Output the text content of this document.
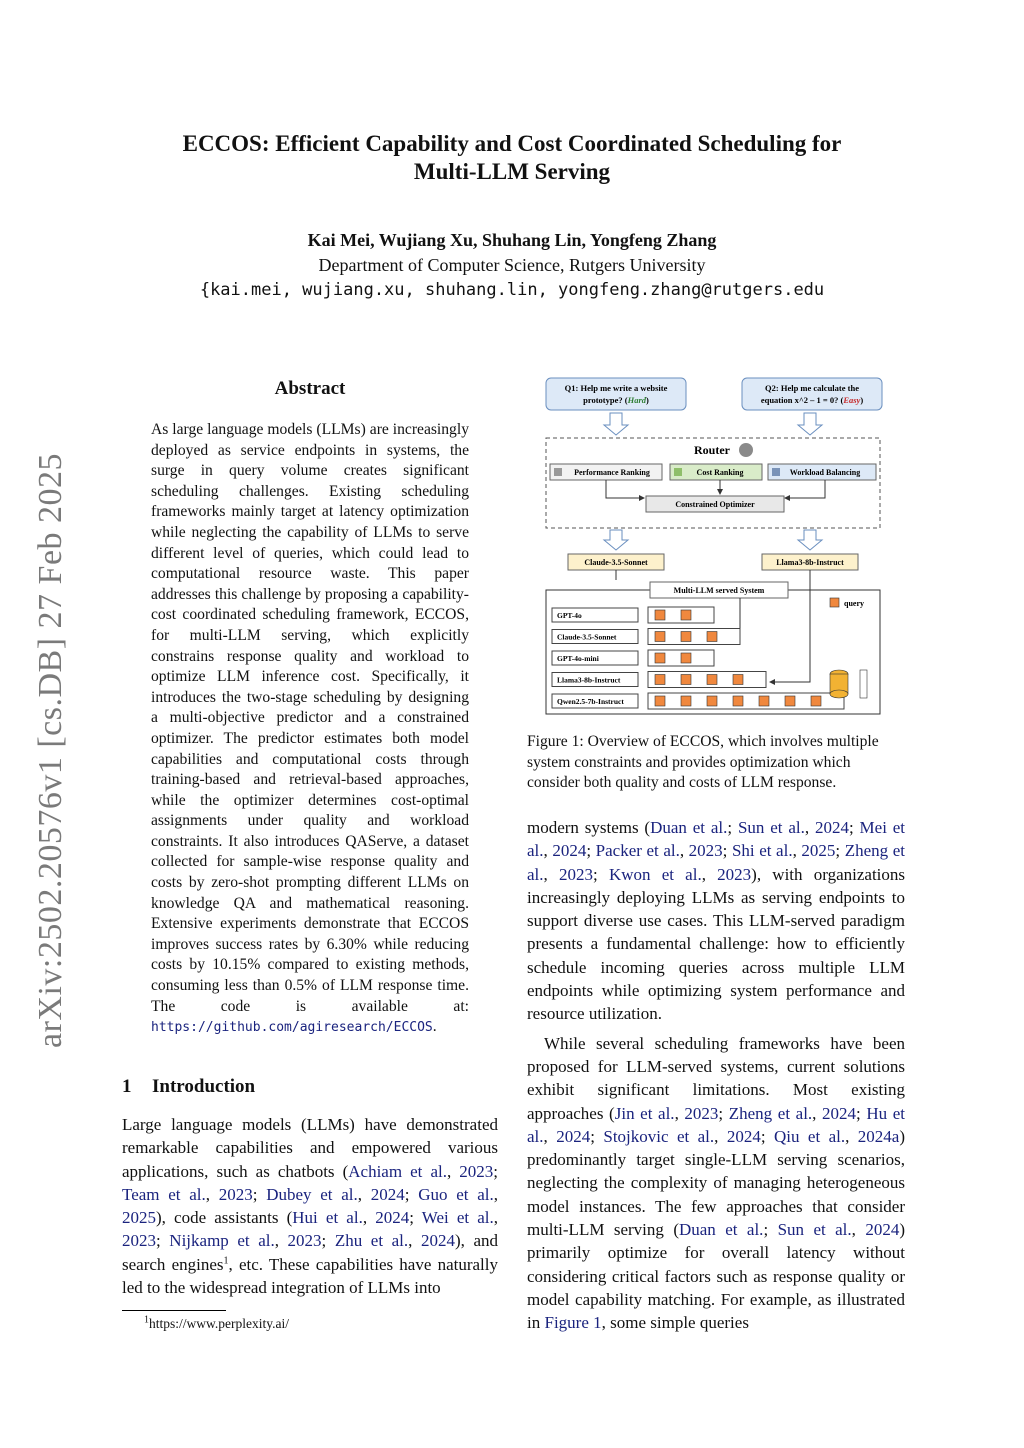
ECCOS: Efficient Capability and Cost Coordinated Scheduling for
Multi-LLM Serving
Kai Mei, Wujiang Xu, Shuhang Lin, Yongfeng Zhang
Department of Computer Science, Rutgers University
{kai.mei, wujiang.xu, shuhang.lin, yongfeng.zhang@rutgers.edu
arXiv:2502.20576v1 [cs.DB] 27 Feb 2025
Abstract
As large language models (LLMs) are increasingly deployed as service endpoints in systems, the surge in query volume creates significant scheduling challenges. Existing scheduling frameworks mainly target at latency optimization while neglecting the capability of LLMs to serve different level of queries, which could lead to computational resource waste. This paper addresses this challenge by proposing a capability-cost coordinated scheduling framework, ECCOS, for multi-LLM serving, which explicitly constrains response quality and workload to optimize LLM inference cost. Specifically, it introduces the two-stage scheduling by designing a multi-objective predictor and a constrained optimizer. The predictor estimates both model capabilities and computational costs through training-based and retrieval-based approaches, while the optimizer determines cost-optimal assignments under quality and workload constraints. It also introduces QAServe, a dataset collected for sample-wise response quality and costs by zero-shot prompting different LLMs on knowledge QA and mathematical reasoning. Extensive experiments demonstrate that ECCOS improves success rates by 6.30% while reducing costs by 10.15% compared to existing methods, consuming less than 0.5% of LLM response time. The code is available at: https://github.com/agiresearch/ECCOS.
Q1: Help me write a website
prototype? (Hard)
Q2: Help me calculate the
equation x^2 – 1 = 0? (Easy)
Router
Performance Ranking	Cost Ranking	Workload Balancing
Constrained Optimizer
Claude-3.5-Sonnet	Llama3-8b-Instruct
Multi-LLM served System
query
GPT-4o
Claude-3.5-Sonnet
GPT-4o-mini
Llama3-8b-Instruct
Qwen2.5-7b-Instruct
Figure 1: Overview of ECCOS, which involves multiple system constraints and provides optimization which consider both quality and costs of LLM response.
1 Introduction
Large language models (LLMs) have demonstrated remarkable capabilities and empowered various applications, such as chatbots (Achiam et al., 2023; Team et al., 2023; Dubey et al., 2024; Guo et al., 2025), code assistants (Hui et al., 2024; Wei et al., 2023; Nijkamp et al., 2023; Zhu et al., 2024), and search engines$^1$, etc. These capabilities have naturally led to the widespread integration of LLMs into
$^1$https://www.perplexity.ai/

modern systems (Duan et al.; Sun et al., 2024; Mei et al., 2024; Packer et al., 2023; Shi et al., 2025; Zheng et al., 2023; Kwon et al., 2023), with organizations increasingly deploying LLMs as serving endpoints to support diverse use cases. This LLM-served paradigm presents a fundamental challenge: how to efficiently schedule incoming queries across multiple LLM endpoints while optimizing system performance and resource utilization.

While several scheduling frameworks have been proposed for LLM-served systems, current solutions exhibit significant limitations. Most existing approaches (Jin et al., 2023; Zheng et al., 2024; Hu et al., 2024; Stojkovic et al., 2024; Qiu et al., 2024a) predominantly target single-LLM serving scenarios, neglecting the complexity of managing heterogeneous model instances. The few approaches that consider multi-LLM serving (Duan et al.; Sun et al., 2024) primarily optimize for overall latency without considering critical factors such as response quality or model capability matching. For example, as illustrated in Figure 1, some simple queries
